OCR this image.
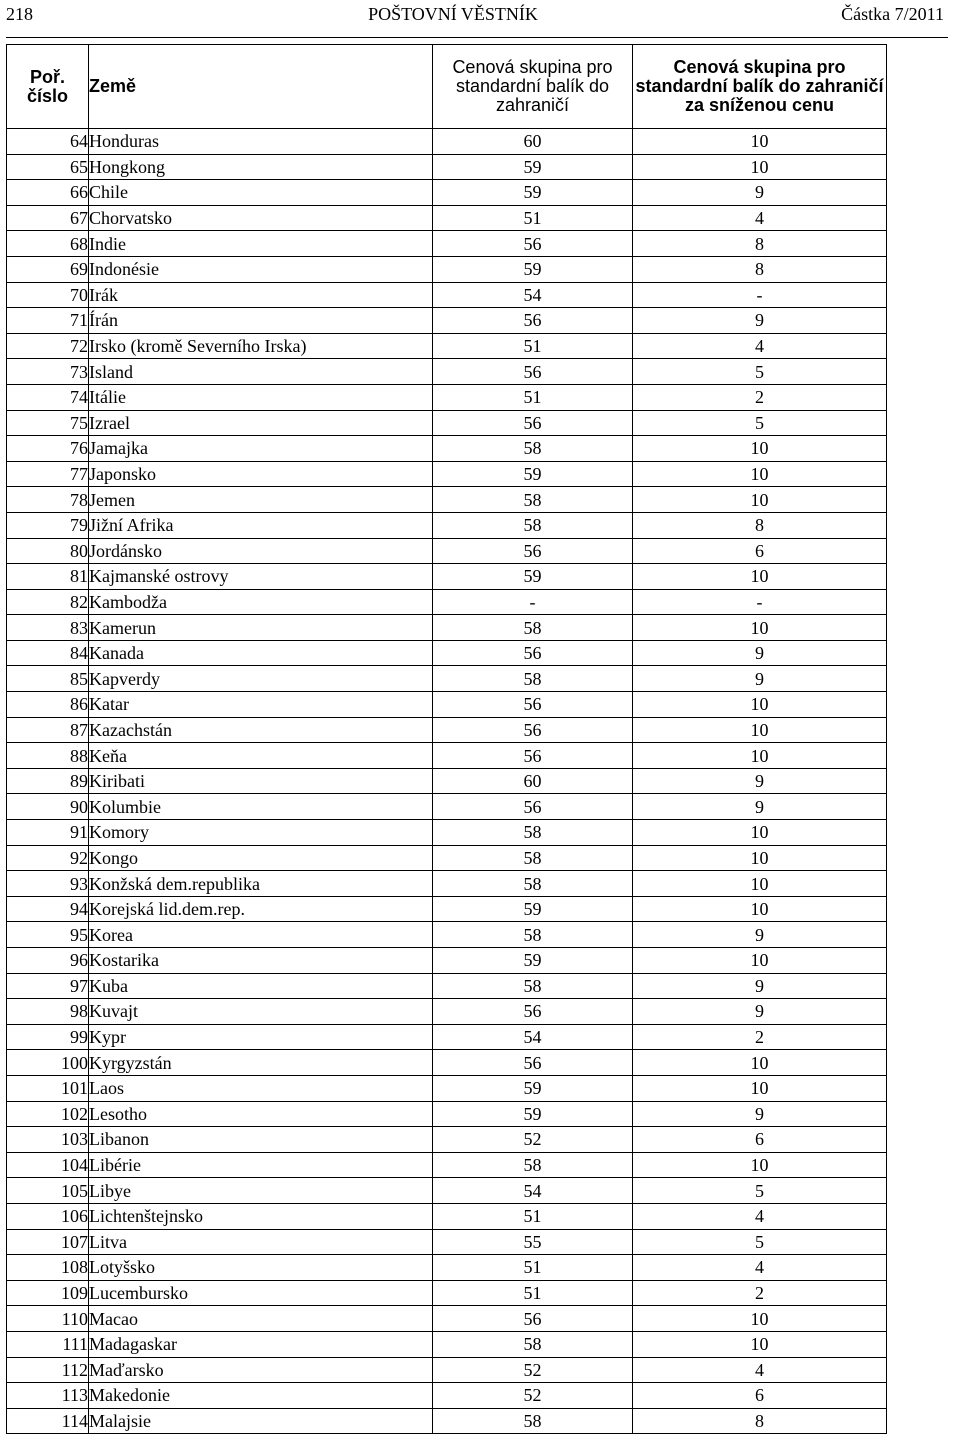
218	POŠTOVNÍ VĚSTNÍK	Částka 7/2011
Poř. číslo	Země	Cenová skupina pro standardní balík do zahraničí	Cenová skupina pro standardní balík do zahraničí za sníženou cenu
64	Honduras	60	10
65	Hongkong	59	10
66	Chile	59	9
67	Chorvatsko	51	4
68	Indie	56	8
69	Indonésie	59	8
70	Irák	54	-
71	Írán	56	9
72	Irsko (kromě Severního Irska)	51	4
73	Island	56	5
74	Itálie	51	2
75	Izrael	56	5
76	Jamajka	58	10
77	Japonsko	59	10
78	Jemen	58	10
79	Jižní Afrika	58	8
80	Jordánsko	56	6
81	Kajmanské ostrovy	59	10
82	Kambodža	-	-
83	Kamerun	58	10
84	Kanada	56	9
85	Kapverdy	58	9
86	Katar	56	10
87	Kazachstán	56	10
88	Keňa	56	10
89	Kiribati	60	9
90	Kolumbie	56	9
91	Komory	58	10
92	Kongo	58	10
93	Konžská dem.republika	58	10
94	Korejská lid.dem.rep.	59	10
95	Korea	58	9
96	Kostarika	59	10
97	Kuba	58	9
98	Kuvajt	56	9
99	Kypr	54	2
100	Kyrgyzstán	56	10
101	Laos	59	10
102	Lesotho	59	9
103	Libanon	52	6
104	Libérie	58	10
105	Libye	54	5
106	Lichtenštejnsko	51	4
107	Litva	55	5
108	Lotyšsko	51	4
109	Lucembursko	51	2
110	Macao	56	10
111	Madagaskar	58	10
112	Maďarsko	52	4
113	Makedonie	52	6
114	Malajsie	58	8
